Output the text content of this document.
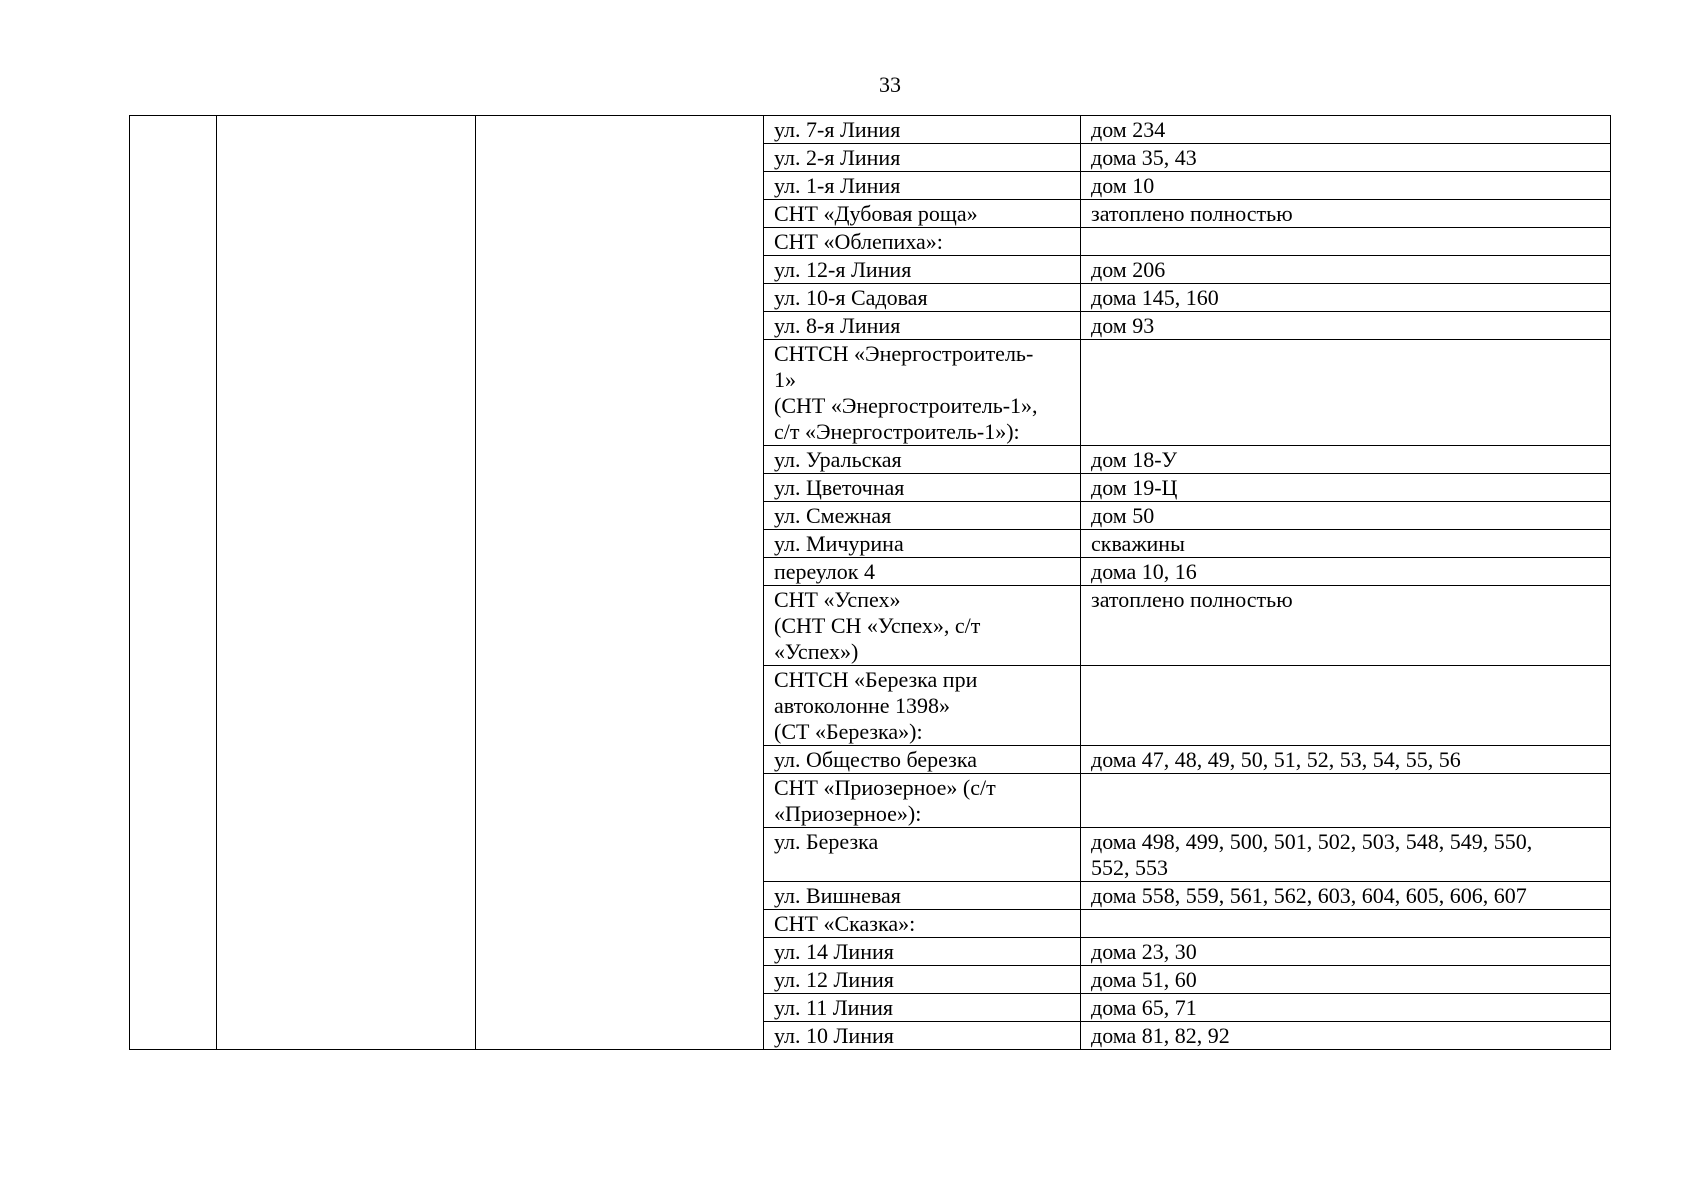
33

			ул. 7-я Линия	дом 234

			ул. 2-я Линия	дома 35, 43

			ул. 1-я Линия	дом 10

			СНТ «Дубовая роща»	затоплено полностью

			СНТ «Облепиха»:	

			ул. 12-я Линия	дом 206

			ул. 10-я Садовая	дома 145, 160

			ул. 8-я Линия	дом 93

			СНТСН «Энергостроитель-
1»
(СНТ «Энергостроитель-1»,
с/т «Энергостроитель-1»):	

			ул. Уральская	дом 18-У

			ул. Цветочная	дом 19-Ц

			ул. Смежная	дом 50

			ул. Мичурина	скважины

			переулок 4	дома 10, 16

			СНТ «Успех»
(СНТ СН «Успех», с/т
«Успех»)	затоплено полностью

			СНТСН «Березка при
автоколонне 1398»
(СТ «Березка»):	

			ул. Общество березка	дома 47, 48, 49, 50, 51, 52, 53, 54, 55, 56

			СНТ «Приозерное» (с/т
«Приозерное»):	

			ул. Березка	дома 498, 499, 500, 501, 502, 503, 548, 549, 550,
552, 553

			ул. Вишневая	дома 558, 559, 561, 562, 603, 604, 605, 606, 607

			СНТ «Сказка»:	

			ул. 14 Линия	дома 23, 30

			ул. 12 Линия	дома 51, 60

			ул. 11 Линия	дома 65, 71

			ул. 10 Линия	дома 81, 82, 92
